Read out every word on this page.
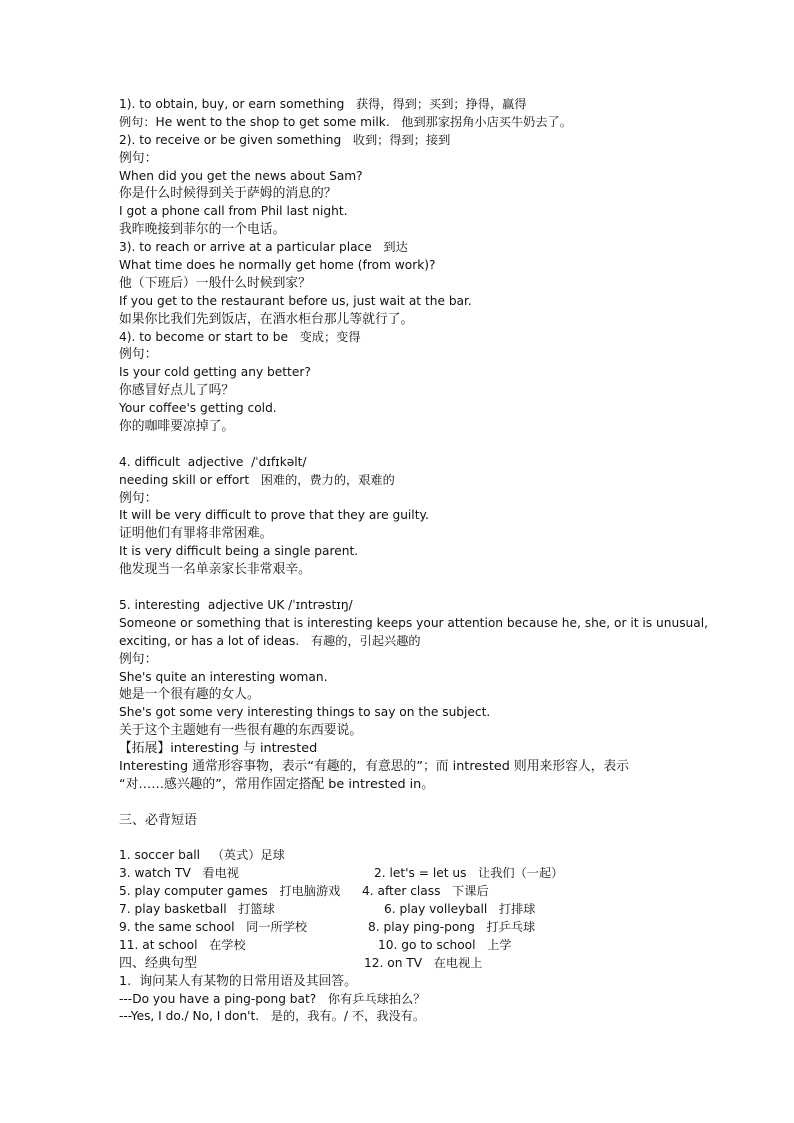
1). to obtain, buy, or earn something   获得，得到；买到；挣得，赢得
例句：He went to the shop to get some milk.   他到那家拐角小店买牛奶去了。
2). to receive or be given something   收到；得到；接到
例句：
When did you get the news about Sam?
你是什么时候得到关于萨姆的消息的？
I got a phone call from Phil last night.
我昨晚接到菲尔的一个电话。
3). to reach or arrive at a particular place   到达
What time does he normally get home (from work)?
他（下班后）一般什么时候到家？
If you get to the restaurant before us, just wait at the bar.
如果你比我们先到饭店，在酒水柜台那儿等就行了。
4). to become or start to be   变成；变得
例句：
Is your cold getting any better?
你感冒好点儿了吗？
Your coffee's getting cold.
你的咖啡要凉掉了。
4. difficult  adjective  /ˈdɪfɪkəlt/
needing skill or effort   困难的，费力的，艰难的
例句：
It will be very difficult to prove that they are guilty.
证明他们有罪将非常困难。
It is very difficult being a single parent.
他发现当一名单亲家长非常艰辛。
5. interesting  adjective UK /ˈɪntrəstɪŋ/
Someone or something that is interesting keeps your attention because he, she, or it is unusual,
exciting, or has a lot of ideas.   有趣的，引起兴趣的
例句：
She's quite an interesting woman.
她是一个很有趣的女人。
She's got some very interesting things to say on the subject.
关于这个主题她有一些很有趣的东西要说。
【拓展】interesting 与 intrested
Interesting 通常形容事物，表示“有趣的，有意思的”；而 intrested 则用来形容人，表示
“对……感兴趣的”，常用作固定搭配 be intrested in。
三、必背短语

1. soccer ball   （英式）足球

2. let's = let us   让我们（一起）

3. watch TV   看电视

4. after class   下课后

5. play computer games   打电脑游戏

6. play volleyball   打排球

7. play basketball   打篮球

8. play ping-pong   打乒乓球

9. the same school   同一所学校

10. go to school   上学

11. at school   在学校

12. on TV   在电视上

四、经典句型
1.  询问某人有某物的日常用语及其回答。
---Do you have a ping-pong bat?   你有乒乓球拍么？
---Yes, I do./ No, I don't.   是的，我有。/ 不，我没有。
